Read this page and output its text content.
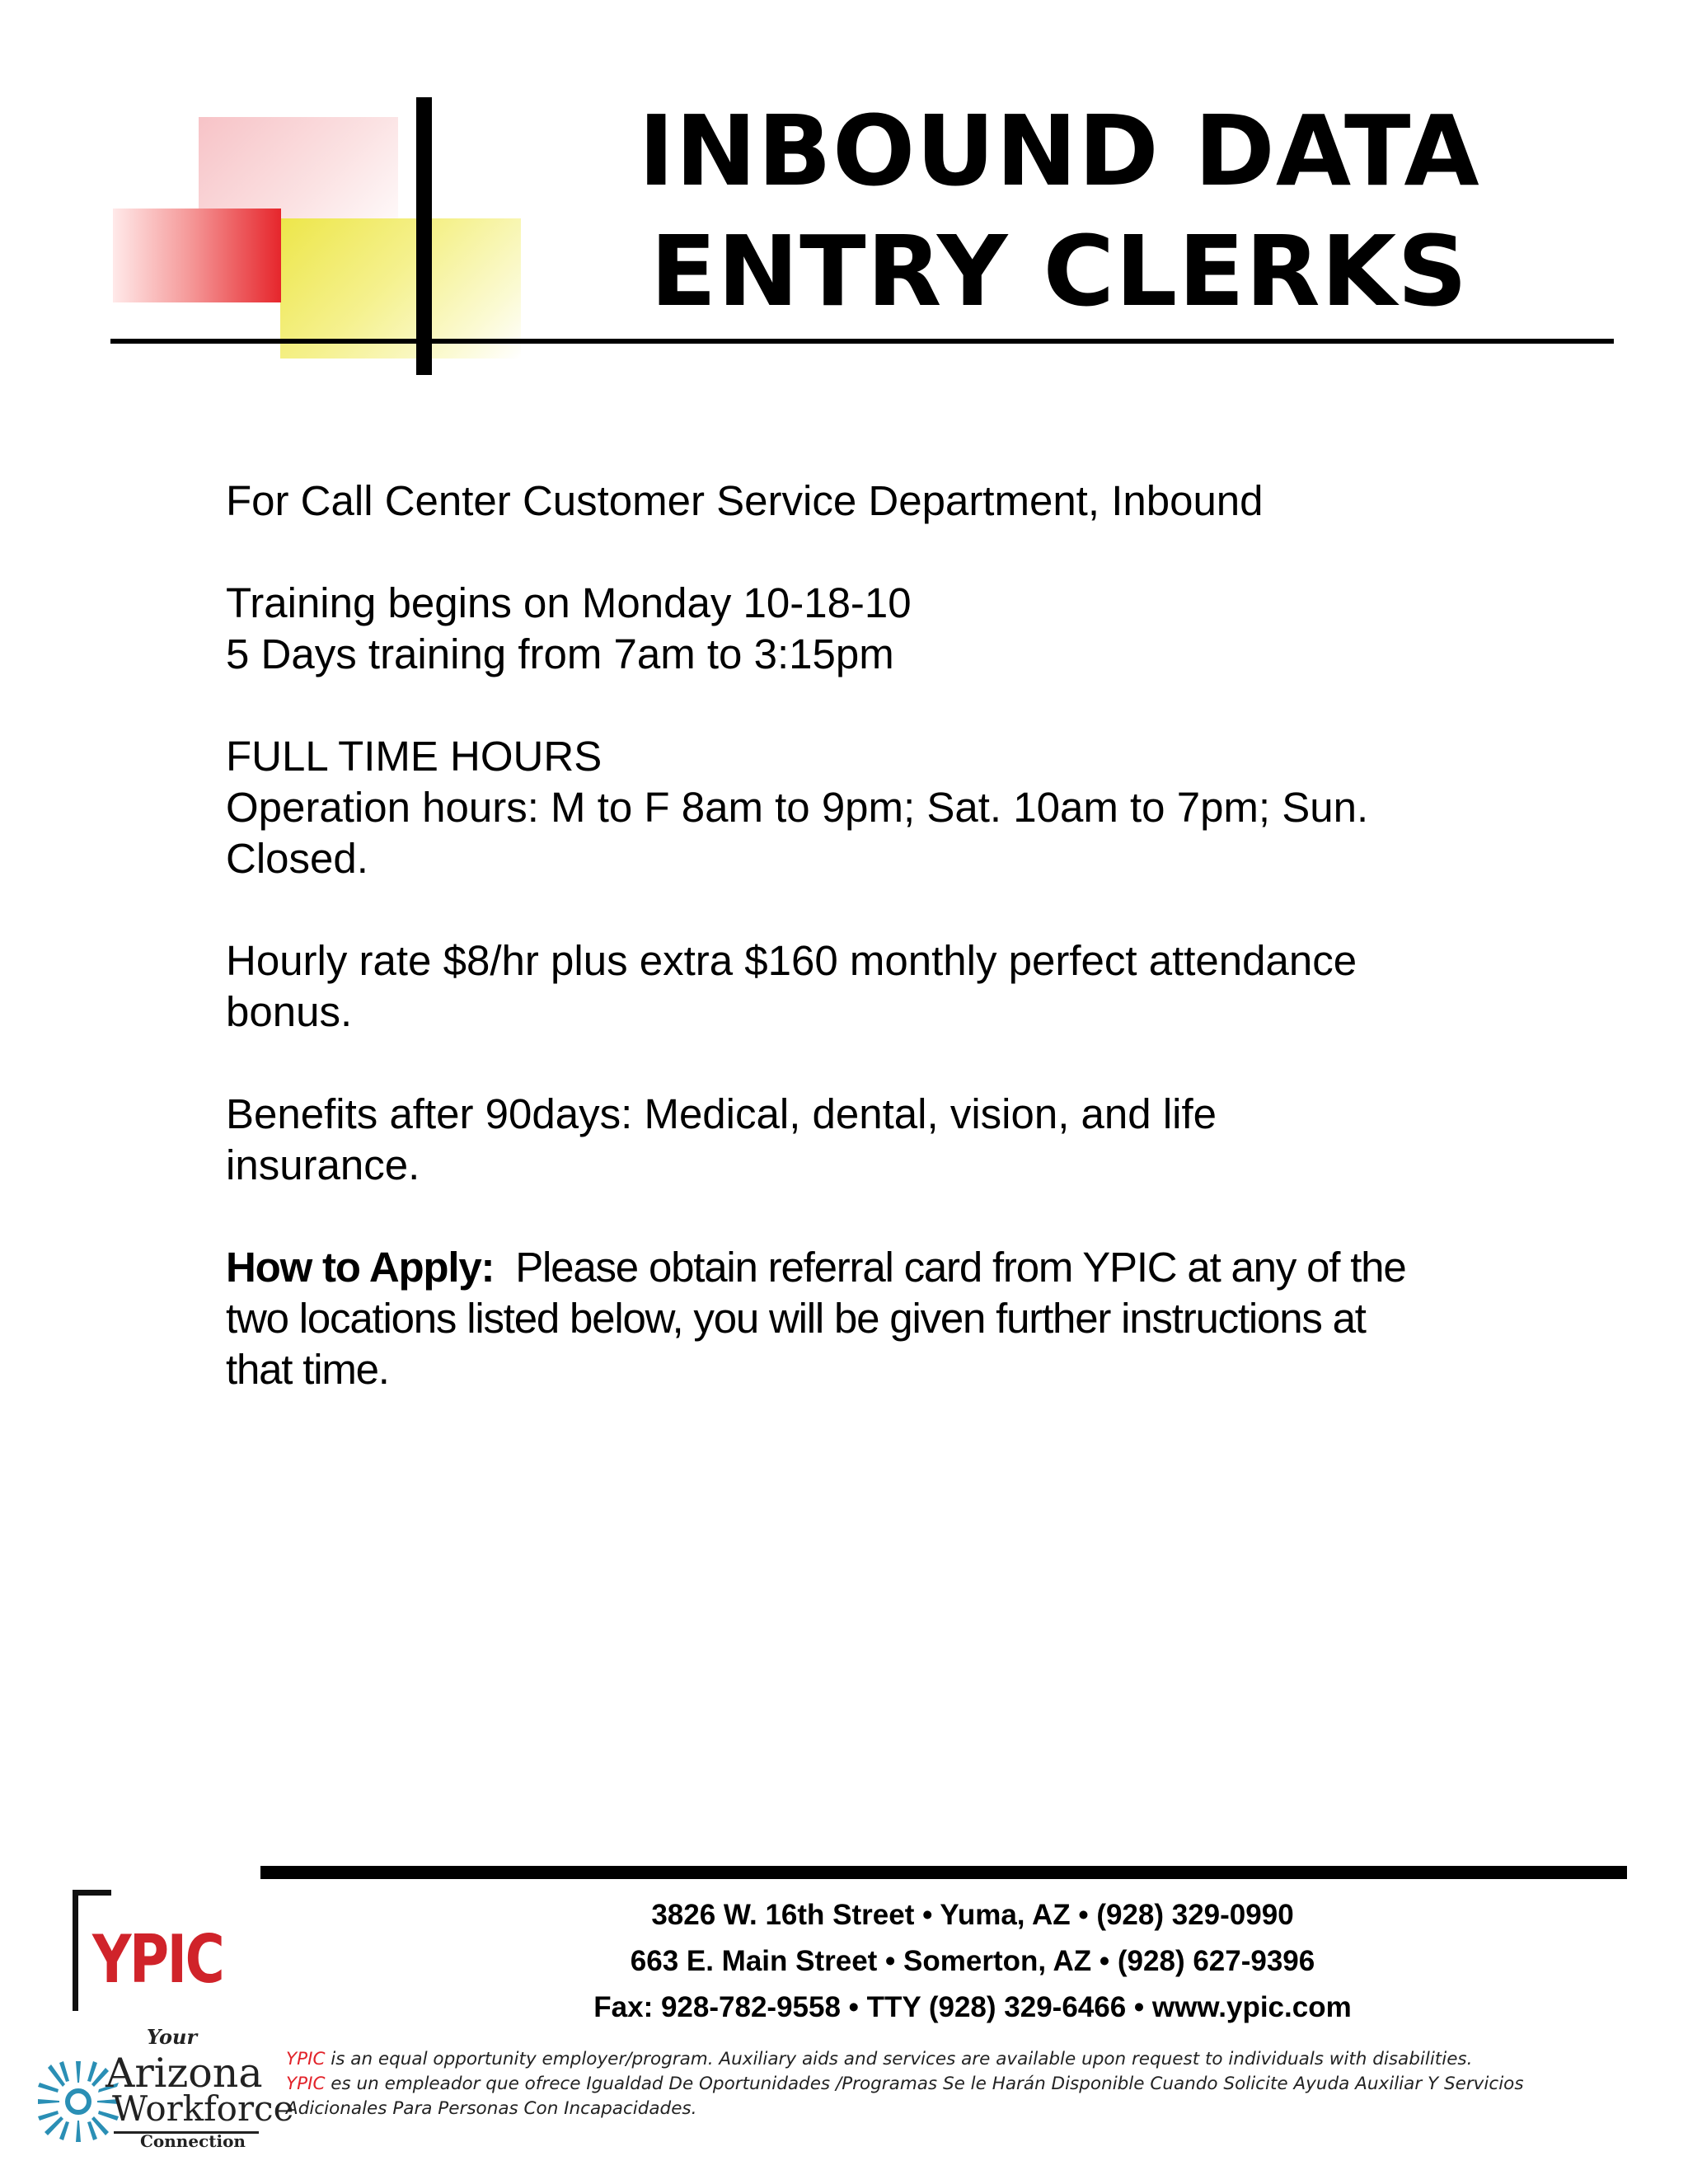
INBOUND DATA
ENTRY CLERKS

For Call Center Customer Service Department, Inbound

Training begins on Monday 10-18-10
5 Days training from 7am to 3:15pm

FULL TIME HOURS
Operation hours: M to F 8am to 9pm; Sat. 10am to 7pm; Sun.
Closed.

Hourly rate $8/hr plus extra $160 monthly perfect attendance
bonus.

Benefits after 90days: Medical, dental, vision, and life
insurance.

How to Apply:  Please obtain referral card from YPIC at any of the
two locations listed below, you will be given further instructions at
that time.

3826 W. 16th Street • Yuma, AZ • (928) 329-0990
663 E. Main Street • Somerton, AZ • (928) 627-9396
Fax: 928-782-9558 • TTY (928) 329-6466 • www.ypic.com
YPIC is an equal opportunity employer/program. Auxiliary aids and services are available upon request to individuals with disabilities.
YPIC es un empleador que ofrece Igualdad De Oportunidades /Programas Se le Harán Disponible Cuando Solicite Ayuda Auxiliar Y Servicios
Adicionales Para Personas Con Incapacidades.
YPIC
Your
Arizona
Workforce
Connection
